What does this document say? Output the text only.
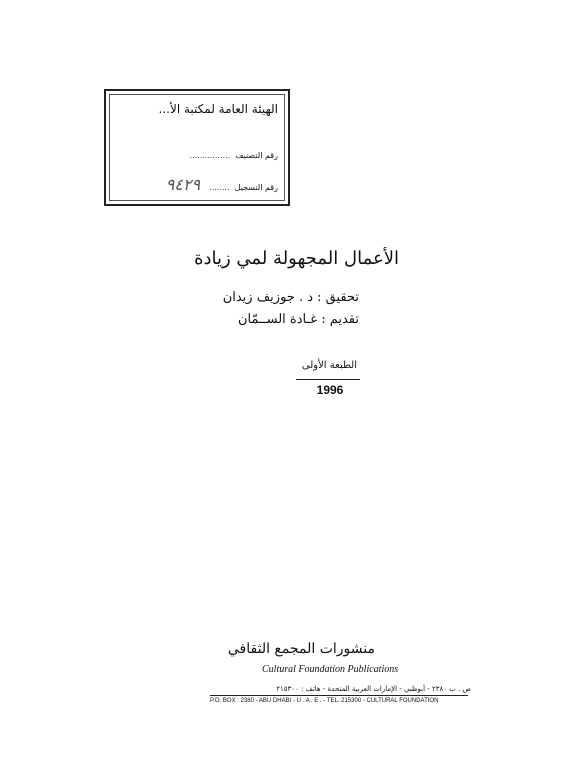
الهيئة العامة لمكتبة الأ...
رقم التصنيف ................
رقم التسجيل ........ ٩٤٢٩
الأعمال المجهولة لمي زيادة
تحقيق : د . جوزيف زيدان
تقديم : غـادة الســمّان
الطبعة الأولى
1996
منشورات المجمع الثقافي
Cultural Foundation Publications
ص . ب ٢٣٨٠ - أبوظبي - الإمارات العربية المتحدة - هاتف : ٢١٥٣٠٠
P.O. BOX : 2380 - ABU DHABI - U . A . E . - TEL. 215300 - CULTURAL FOUNDATION
